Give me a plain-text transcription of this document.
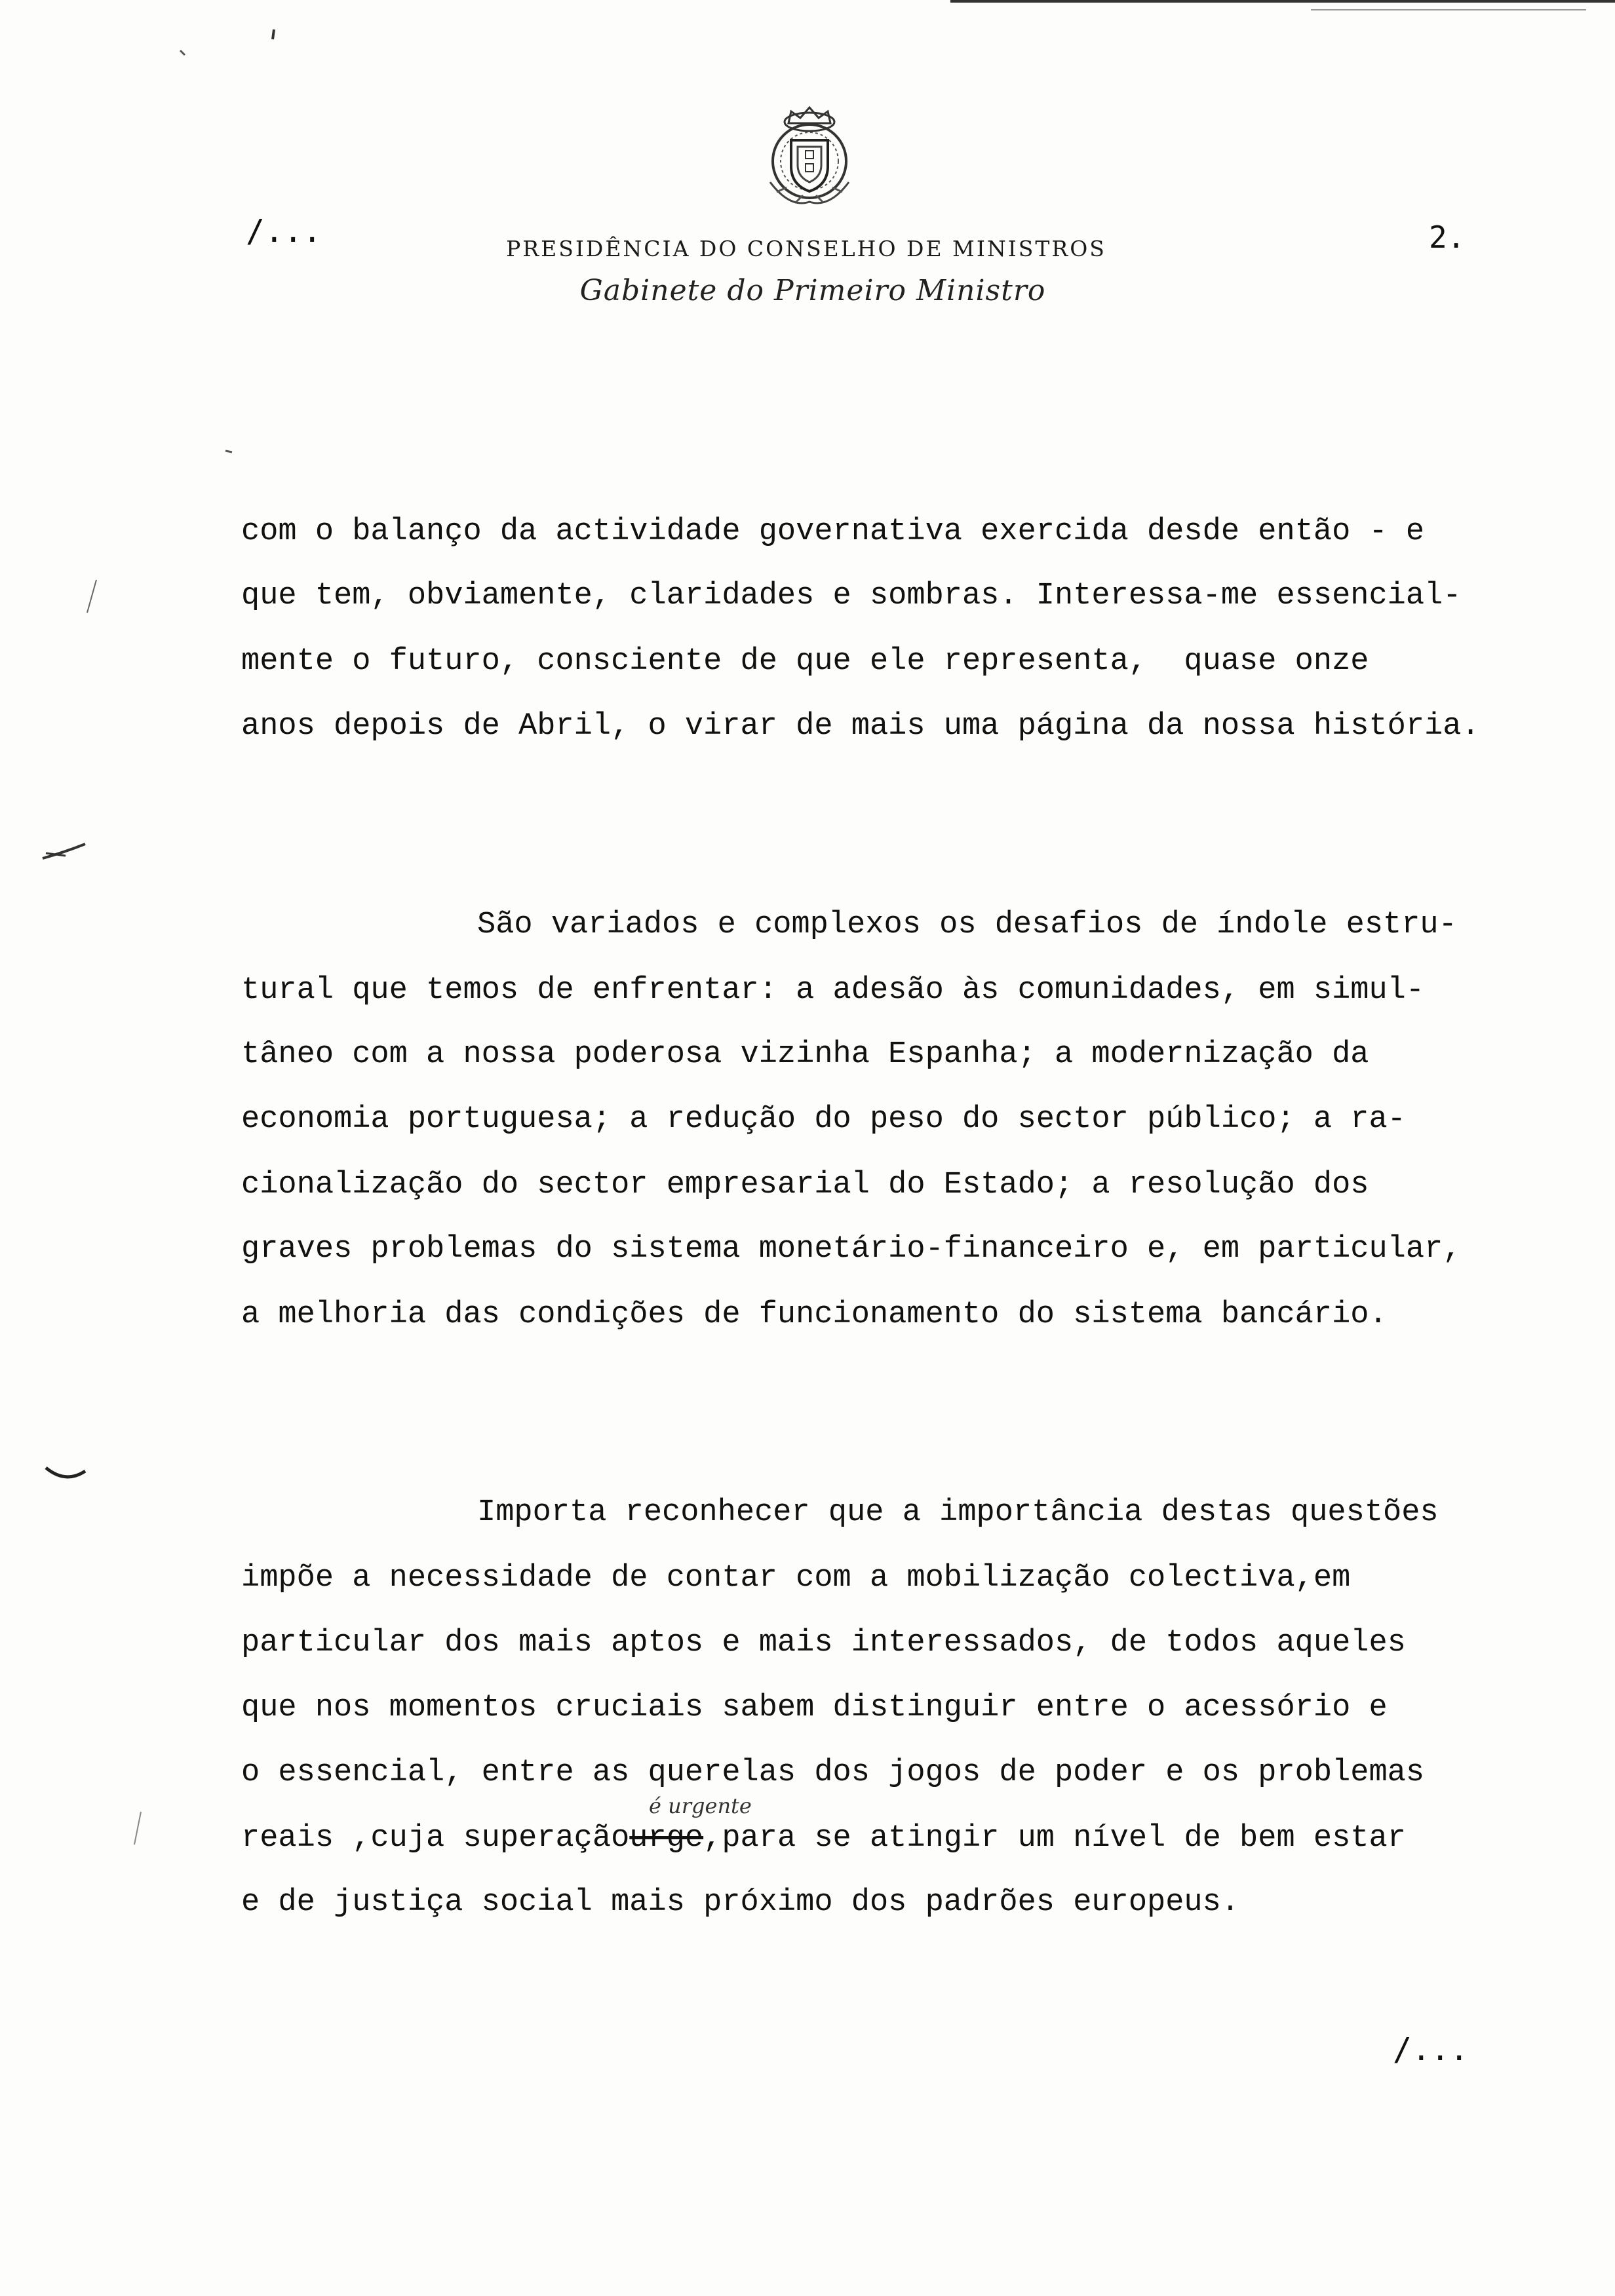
/...	PRESIDÊNCIA DO CONSELHO DE MINISTROS
Gabinete do Primeiro Ministro
2.
com o balanço da actividade governativa exercida desde então - e
que tem, obviamente, claridades e sombras. Interessa-me essencial-
mente o futuro, consciente de que ele representa,  quase onze
anos depois de Abril, o virar de mais uma página da nossa história.
São variados e complexos os desafios de índole estru-
tural que temos de enfrentar: a adesão às comunidades, em simul-
tâneo com a nossa poderosa vizinha Espanha; a modernização da
economia portuguesa; a redução do peso do sector público; a ra-
cionalização do sector empresarial do Estado; a resolução dos
graves problemas do sistema monetário-financeiro e, em particular,
a melhoria das condições de funcionamento do sistema bancário.
Importa reconhecer que a importância destas questões
impõe a necessidade de contar com a mobilização colectiva,em
particular dos mais aptos e mais interessados, de todos aqueles
que nos momentos cruciais sabem distinguir entre o acessório e
o essencial, entre as querelas dos jogos de poder e os problemas
reais ,cuja superaçãourge,para se atingir um nível de bem estar
é urgente
e de justiça social mais próximo dos padrões europeus.
/...
